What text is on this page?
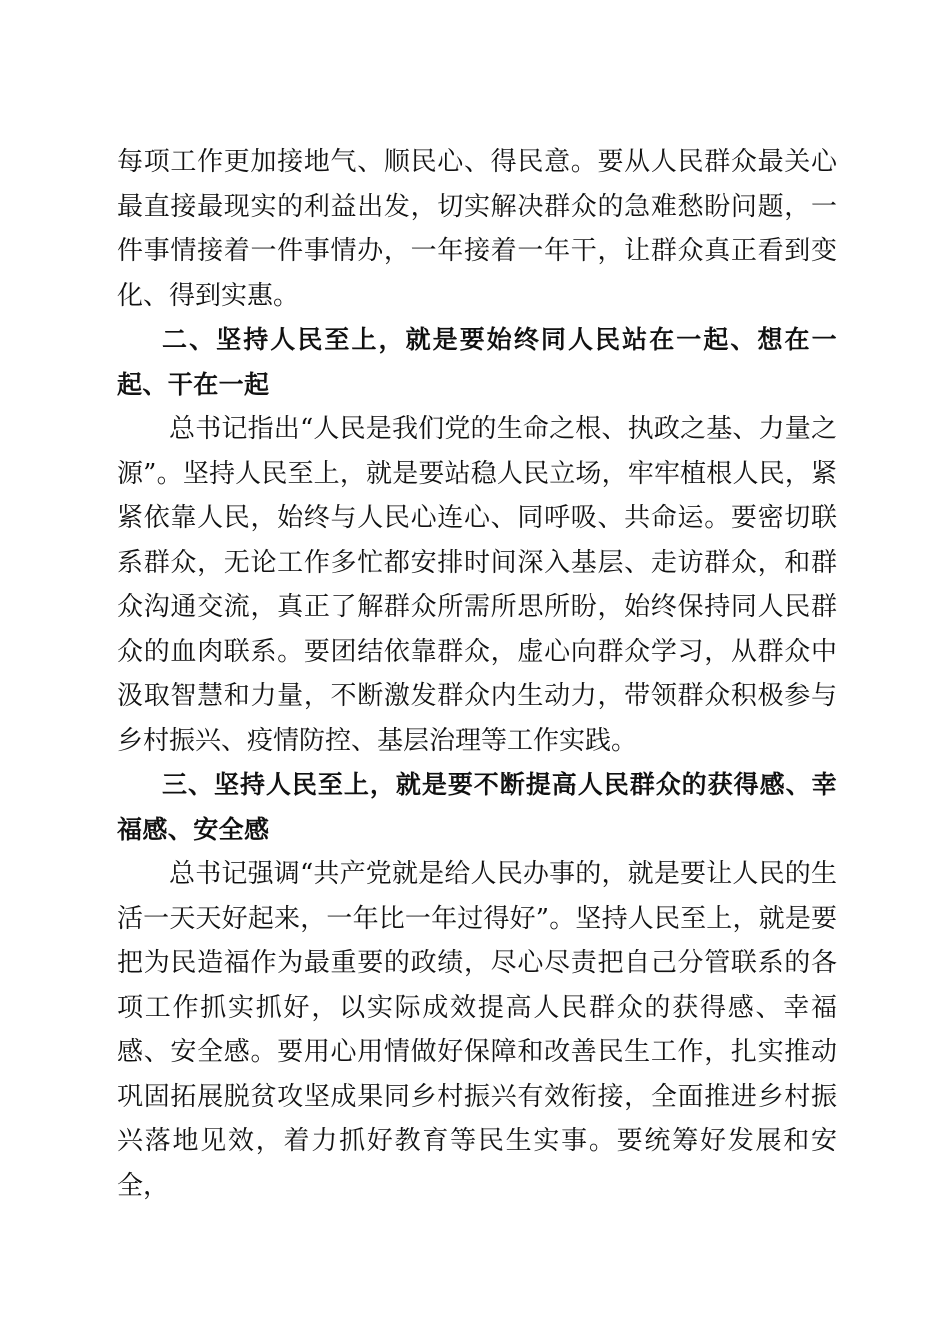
每项工作更加接地气、顺民心、得民意。要从人民群众最关心最直接最现实的利益出发，切实解决群众的急难愁盼问题，一件事情接着一件事情办，一年接着一年干，让群众真正看到变化、得到实惠。

二、坚持人民至上，就是要始终同人民站在一起、想在一起、干在一起

总书记指出“人民是我们党的生命之根、执政之基、力量之源”。坚持人民至上，就是要站稳人民立场，牢牢植根人民，紧紧依靠人民，始终与人民心连心、同呼吸、共命运。要密切联系群众，无论工作多忙都安排时间深入基层、走访群众，和群众沟通交流，真正了解群众所需所思所盼，始终保持同人民群众的血肉联系。要团结依靠群众，虚心向群众学习，从群众中汲取智慧和力量，不断激发群众内生动力，带领群众积极参与乡村振兴、疫情防控、基层治理等工作实践。

三、坚持人民至上，就是要不断提高人民群众的获得感、幸福感、安全感

总书记强调“共产党就是给人民办事的，就是要让人民的生活一天天好起来，一年比一年过得好”。坚持人民至上，就是要把为民造福作为最重要的政绩，尽心尽责把自己分管联系的各项工作抓实抓好，以实际成效提高人民群众的获得感、幸福感、安全感。要用心用情做好保障和改善民生工作，扎实推动巩固拓展脱贫攻坚成果同乡村振兴有效衔接，全面推进乡村振兴落地见效，着力抓好教育等民生实事。要统筹好发展和安全，
